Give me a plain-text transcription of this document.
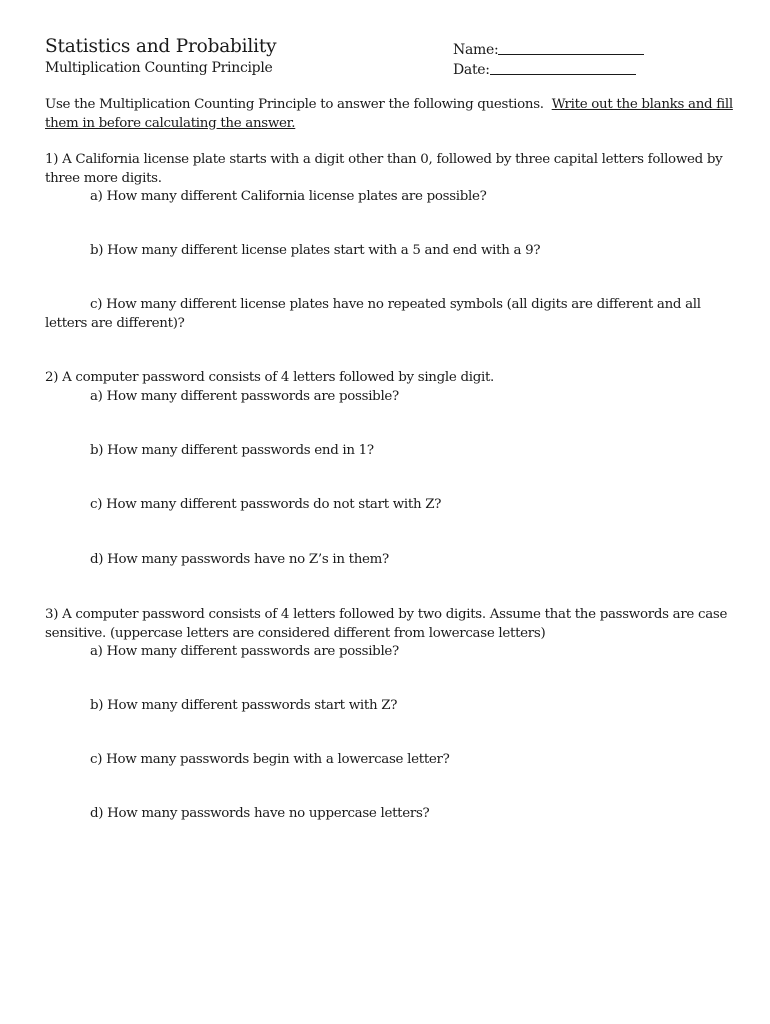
Statistics and Probability
Multiplication Counting Principle
Name:
Date:

Use the Multiplication Counting Principle to answer the following questions. Write out the blanks and fill them in before calculating the answer.

1) A California license plate starts with a digit other than 0, followed by three capital letters followed by three more digits.

a) How many different California license plates are possible?

b) How many different license plates start with a 5 and end with a 9?

c) How many different license plates have no repeated symbols (all digits are different and all letters are different)?

2) A computer password consists of 4 letters followed by single digit.

a) How many different passwords are possible?

b) How many different passwords end in 1?

c) How many different passwords do not start with Z?

d) How many passwords have no Z’s in them?

3) A computer password consists of 4 letters followed by two digits. Assume that the passwords are case sensitive. (uppercase letters are considered different from lowercase letters)

a) How many different passwords are possible?

b) How many different passwords start with Z?

c) How many passwords begin with a lowercase letter?

d) How many passwords have no uppercase letters?
